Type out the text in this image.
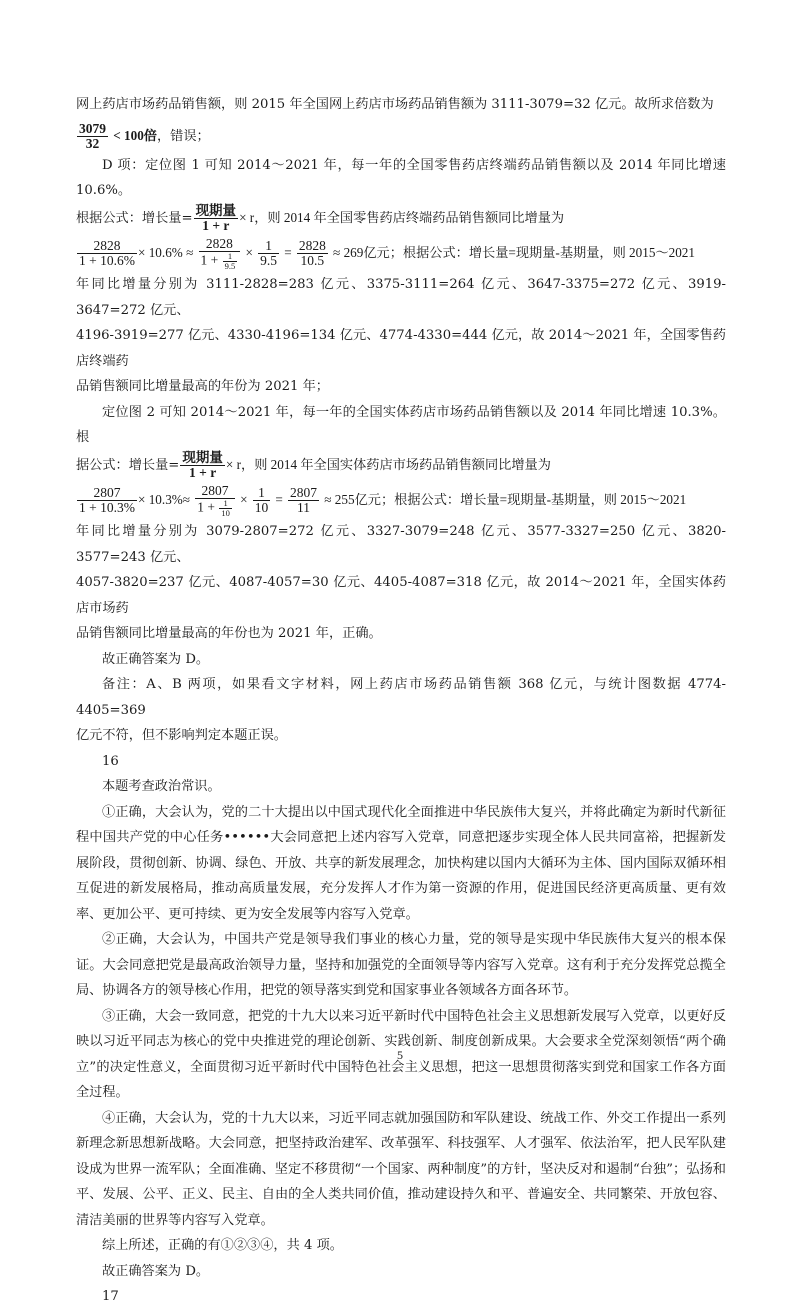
网上药店市场药品销售额，则 2015 年全国网上药店市场药品销售额为 3111-3079=32 亿元。故所求倍数为

$\frac{3079}{32} < 100$倍，错误；

D 项：定位图 1 可知 2014～2021 年，每一年的全国零售药店终端药品销售额以及 2014 年同比增速 10.6%。

根据公式：增长量= $\frac{\text{现期量}}{1 + r} \times r$，则 2014 年全国零售药店终端药品销售额同比增量为

$\frac{2828}{1 + 10.6\%} \times 10.6\% \approx \frac{2828}{1 + \frac{1}{9.5}} \times \frac{1}{9.5} = \frac{2828}{10.5} \approx 269$亿元；根据公式：增长量=现期量-基期量，则 2015～2021

年同比增量分别为 3111-2828=283 亿元、3375-3111=264 亿元、3647-3375=272 亿元、3919-3647=272 亿元、

4196-3919=277 亿元、4330-4196=134 亿元、4774-4330=444 亿元，故 2014～2021 年，全国零售药店终端药

品销售额同比增量最高的年份为 2021 年；

定位图 2 可知 2014～2021 年，每一年的全国实体药店市场药品销售额以及 2014 年同比增速 10.3%。根

据公式：增长量= $\frac{\text{现期量}}{1 + r} \times r$，则 2014 年全国实体药店市场药品销售额同比增量为

$\frac{2807}{1 + 10.3\%} \times 10.3\%\approx \frac{2807}{1 + \frac{1}{10}} \times \frac{1}{10} = \frac{2807}{11} \approx 255$亿元；根据公式：增长量=现期量-基期量，则 2015～2021

年同比增量分别为 3079-2807=272 亿元、3327-3079=248 亿元、3577-3327=250 亿元、3820-3577=243 亿元、

4057-3820=237 亿元、4087-4057=30 亿元、4405-4087=318 亿元，故 2014～2021 年，全国实体药店市场药

品销售额同比增量最高的年份也为 2021 年，正确。

故正确答案为 D。

备注：A、B 两项，如果看文字材料，网上药店市场药品销售额 368 亿元，与统计图数据 4774-4405=369

亿元不符，但不影响判定本题正误。

16

本题考查政治常识。

①正确，大会认为，党的二十大提出以中国式现代化全面推进中华民族伟大复兴，并将此确定为新时代新征程中国共产党的中心任务••••••大会同意把上述内容写入党章，同意把逐步实现全体人民共同富裕，把握新发展阶段，贯彻创新、协调、绿色、开放、共享的新发展理念，加快构建以国内大循环为主体、国内国际双循环相互促进的新发展格局，推动高质量发展，充分发挥人才作为第一资源的作用，促进国民经济更高质量、更有效率、更加公平、更可持续、更为安全发展等内容写入党章。

②正确，大会认为，中国共产党是领导我们事业的核心力量，党的领导是实现中华民族伟大复兴的根本保证。大会同意把党是最高政治领导力量，坚持和加强党的全面领导等内容写入党章。这有利于充分发挥党总揽全局、协调各方的领导核心作用，把党的领导落实到党和国家事业各领域各方面各环节。

③正确，大会一致同意，把党的十九大以来习近平新时代中国特色社会主义思想新发展写入党章，以更好反映以习近平同志为核心的党中央推进党的理论创新、实践创新、制度创新成果。大会要求全党深刻领悟“两个确立”的决定性意义，全面贯彻习近平新时代中国特色社会主义思想，把这一思想贯彻落实到党和国家工作各方面全过程。

④正确，大会认为，党的十九大以来，习近平同志就加强国防和军队建设、统战工作、外交工作提出一系列新理念新思想新战略。大会同意，把坚持政治建军、改革强军、科技强军、人才强军、依法治军，把人民军队建设成为世界一流军队；全面准确、坚定不移贯彻“一个国家、两种制度”的方针，坚决反对和遏制“台独”；弘扬和平、发展、公平、正义、民主、自由的全人类共同价值，推动建设持久和平、普遍安全、共同繁荣、开放包容、清洁美丽的世界等内容写入党章。

综上所述，正确的有①②③④，共 4 项。

故正确答案为 D。

17

5
